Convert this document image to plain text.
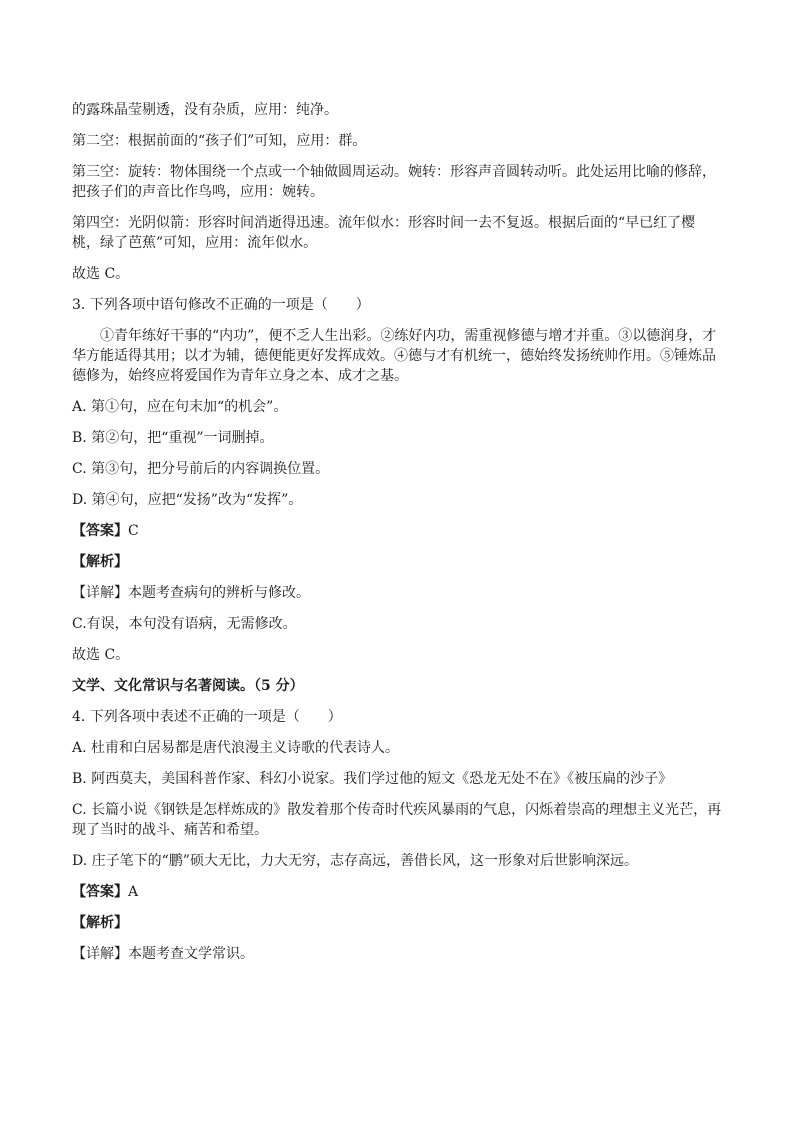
的露珠晶莹剔透，没有杂质，应用：纯净。

第二空：根据前面的“孩子们”可知，应用：群。

第三空：旋转：物体围绕一个点或一个轴做圆周运动。婉转：形容声音圆转动听。此处运用比喻的修辞，把孩子们的声音比作鸟鸣，应用：婉转。

第四空：光阴似箭：形容时间消逝得迅速。流年似水：形容时间一去不复返。根据后面的“早已红了樱桃，绿了芭蕉”可知，应用：流年似水。

故选 C。

3. 下列各项中语句修改不正确的一项是（　　）

①青年练好干事的“内功”，便不乏人生出彩。②练好内功，需重视修德与增才并重。③以德润身，才华方能适得其用；以才为辅，德便能更好发挥成效。④德与才有机统一，德始终发扬统帅作用。⑤锤炼品德修为，始终应将爱国作为青年立身之本、成才之基。

A. 第①句，应在句末加“的机会”。

B. 第②句，把“重视”一词删掉。

C. 第③句，把分号前后的内容调换位置。

D. 第④句，应把“发扬”改为“发挥”。

【答案】C

【解析】

【详解】本题考查病句的辨析与修改。

C.有误，本句没有语病，无需修改。

故选 C。

文学、文化常识与名著阅读。（5 分）

4. 下列各项中表述不正确的一项是（　　）

A. 杜甫和白居易都是唐代浪漫主义诗歌的代表诗人。

B. 阿西莫夫，美国科普作家、科幻小说家。我们学过他的短文《恐龙无处不在》《被压扁的沙子》

C. 长篇小说《钢铁是怎样炼成的》散发着那个传奇时代疾风暴雨的气息，闪烁着崇高的理想主义光芒，再现了当时的战斗、痛苦和希望。

D. 庄子笔下的“鹏”硕大无比，力大无穷，志存高远，善借长风，这一形象对后世影响深远。

【答案】A

【解析】

【详解】本题考查文学常识。
